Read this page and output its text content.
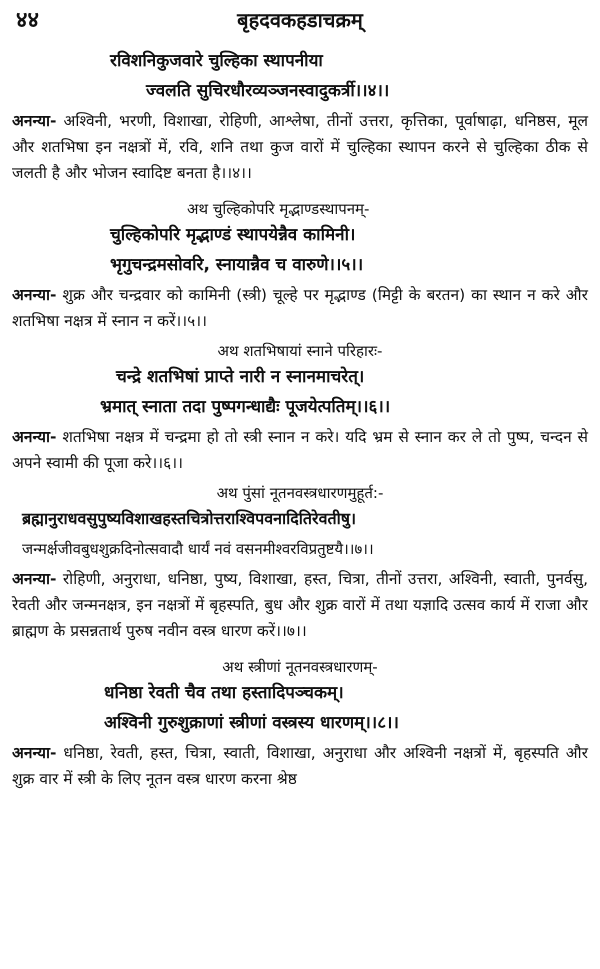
४४	बृहदवकहडाचक्रम्

रविशनिकुजवारे चुल्हिका स्थापनीया

ज्वलति सुचिरधौरव्यञ्जनस्वादुकर्त्री।।४।।

अनन्या- अश्विनी, भरणी, विशाखा, रोहिणी, आश्लेषा, तीनों उत्तरा, कृत्तिका, पूर्वाषाढ़ा, धनिष्ठस, मूल और शतभिषा इन नक्षत्रों में, रवि, शनि तथा कुज वारों में चुल्हिका स्थापन करने से चुल्हिका ठीक से जलती है और भोजन स्वादिष्ट बनता है।।४।।

अथ चुल्हिकोपरि मृद्भाण्डस्थापनम्-

चुल्हिकोपरि मृद्भाण्डं स्थापयेन्नैव कामिनी।

भृगुचन्द्रमसोवरि, स्नायान्नैव च वारुणे।।५।।

अनन्या- शुक्र और चन्द्रवार को कामिनी (स्त्री) चूल्हे पर मृद्भाण्ड (मिट्टी के बरतन) का स्थान न करे और शतभिषा नक्षत्र में स्नान न करें।।५।।

अथ शतभिषायां स्नाने परिहारः-

चन्द्रे शतभिषां प्राप्ते नारी न स्नानमाचरेत्।

भ्रमात् स्नाता तदा पुष्पगन्धाद्यैः पूजयेत्पतिम्।।६।।

अनन्या- शतभिषा नक्षत्र में चन्द्रमा हो तो स्त्री स्नान न करे। यदि भ्रम से स्नान कर ले तो पुष्प, चन्दन से अपने स्वामी की पूजा करे।।६।।

अथ पुंसां नूतनवस्त्रधारणमुहूर्त:-

ब्रह्मानुराधवसुपुष्यविशाखहस्तचित्रोत्तराश्विपवनादितिरेवतीषु।

जन्मर्क्षजीवबुधशुक्रदिनोत्सवादौ धार्यं नवं वसनमीश्वरविप्रतुष्टयै।।७।।

अनन्या- रोहिणी, अनुराधा, धनिष्ठा, पुष्य, विशाखा, हस्त, चित्रा, तीनों उत्तरा, अश्विनी, स्वाती, पुनर्वसु, रेवती और जन्मनक्षत्र, इन नक्षत्रों में बृहस्पति, बुध और शुक्र वारों में तथा यज्ञादि उत्सव कार्य में राजा और ब्राह्मण के प्रसन्नतार्थ पुरुष नवीन वस्त्र धारण करें।।७।।

अथ स्त्रीणां नूतनवस्त्रधारणम्-

धनिष्ठा रेवती चैव तथा हस्तादिपञ्चकम्।

अश्विनी गुरुशुक्राणां स्त्रीणां वस्त्रस्य धारणम्।।८।।

अनन्या- धनिष्ठा, रेवती, हस्त, चित्रा, स्वाती, विशाखा, अनुराधा और अश्विनी नक्षत्रों में, बृहस्पति और शुक्र वार में स्त्री के लिए नूतन वस्त्र धारण करना श्रेष्ठ
